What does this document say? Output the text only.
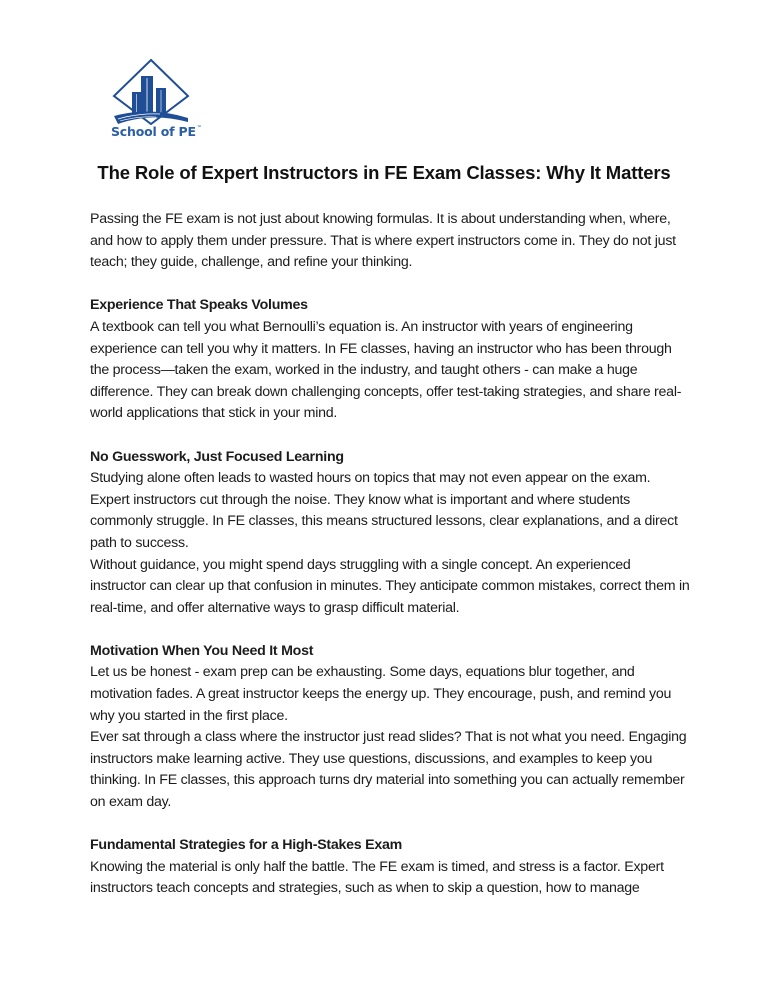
School of PE™
The Role of Expert Instructors in FE Exam Classes: Why It Matters

Passing the FE exam is not just about knowing formulas. It is about understanding when, where, and how to apply them under pressure. That is where expert instructors come in. They do not just teach; they guide, challenge, and refine your thinking.

Experience That Speaks Volumes

A textbook can tell you what Bernoulli’s equation is. An instructor with years of engineering experience can tell you why it matters. In FE classes, having an instructor who has been through the process—taken the exam, worked in the industry, and taught others - can make a huge difference. They can break down challenging concepts, offer test-taking strategies, and share real-world applications that stick in your mind.

No Guesswork, Just Focused Learning

Studying alone often leads to wasted hours on topics that may not even appear on the exam. Expert instructors cut through the noise. They know what is important and where students commonly struggle. In FE classes, this means structured lessons, clear explanations, and a direct path to success.

Without guidance, you might spend days struggling with a single concept. An experienced instructor can clear up that confusion in minutes. They anticipate common mistakes, correct them in real-time, and offer alternative ways to grasp difficult material.

Motivation When You Need It Most

Let us be honest - exam prep can be exhausting. Some days, equations blur together, and motivation fades. A great instructor keeps the energy up. They encourage, push, and remind you why you started in the first place.

Ever sat through a class where the instructor just read slides? That is not what you need. Engaging instructors make learning active. They use questions, discussions, and examples to keep you thinking. In FE classes, this approach turns dry material into something you can actually remember on exam day.

Fundamental Strategies for a High-Stakes Exam

Knowing the material is only half the battle. The FE exam is timed, and stress is a factor. Expert instructors teach concepts and strategies, such as when to skip a question, how to manage
